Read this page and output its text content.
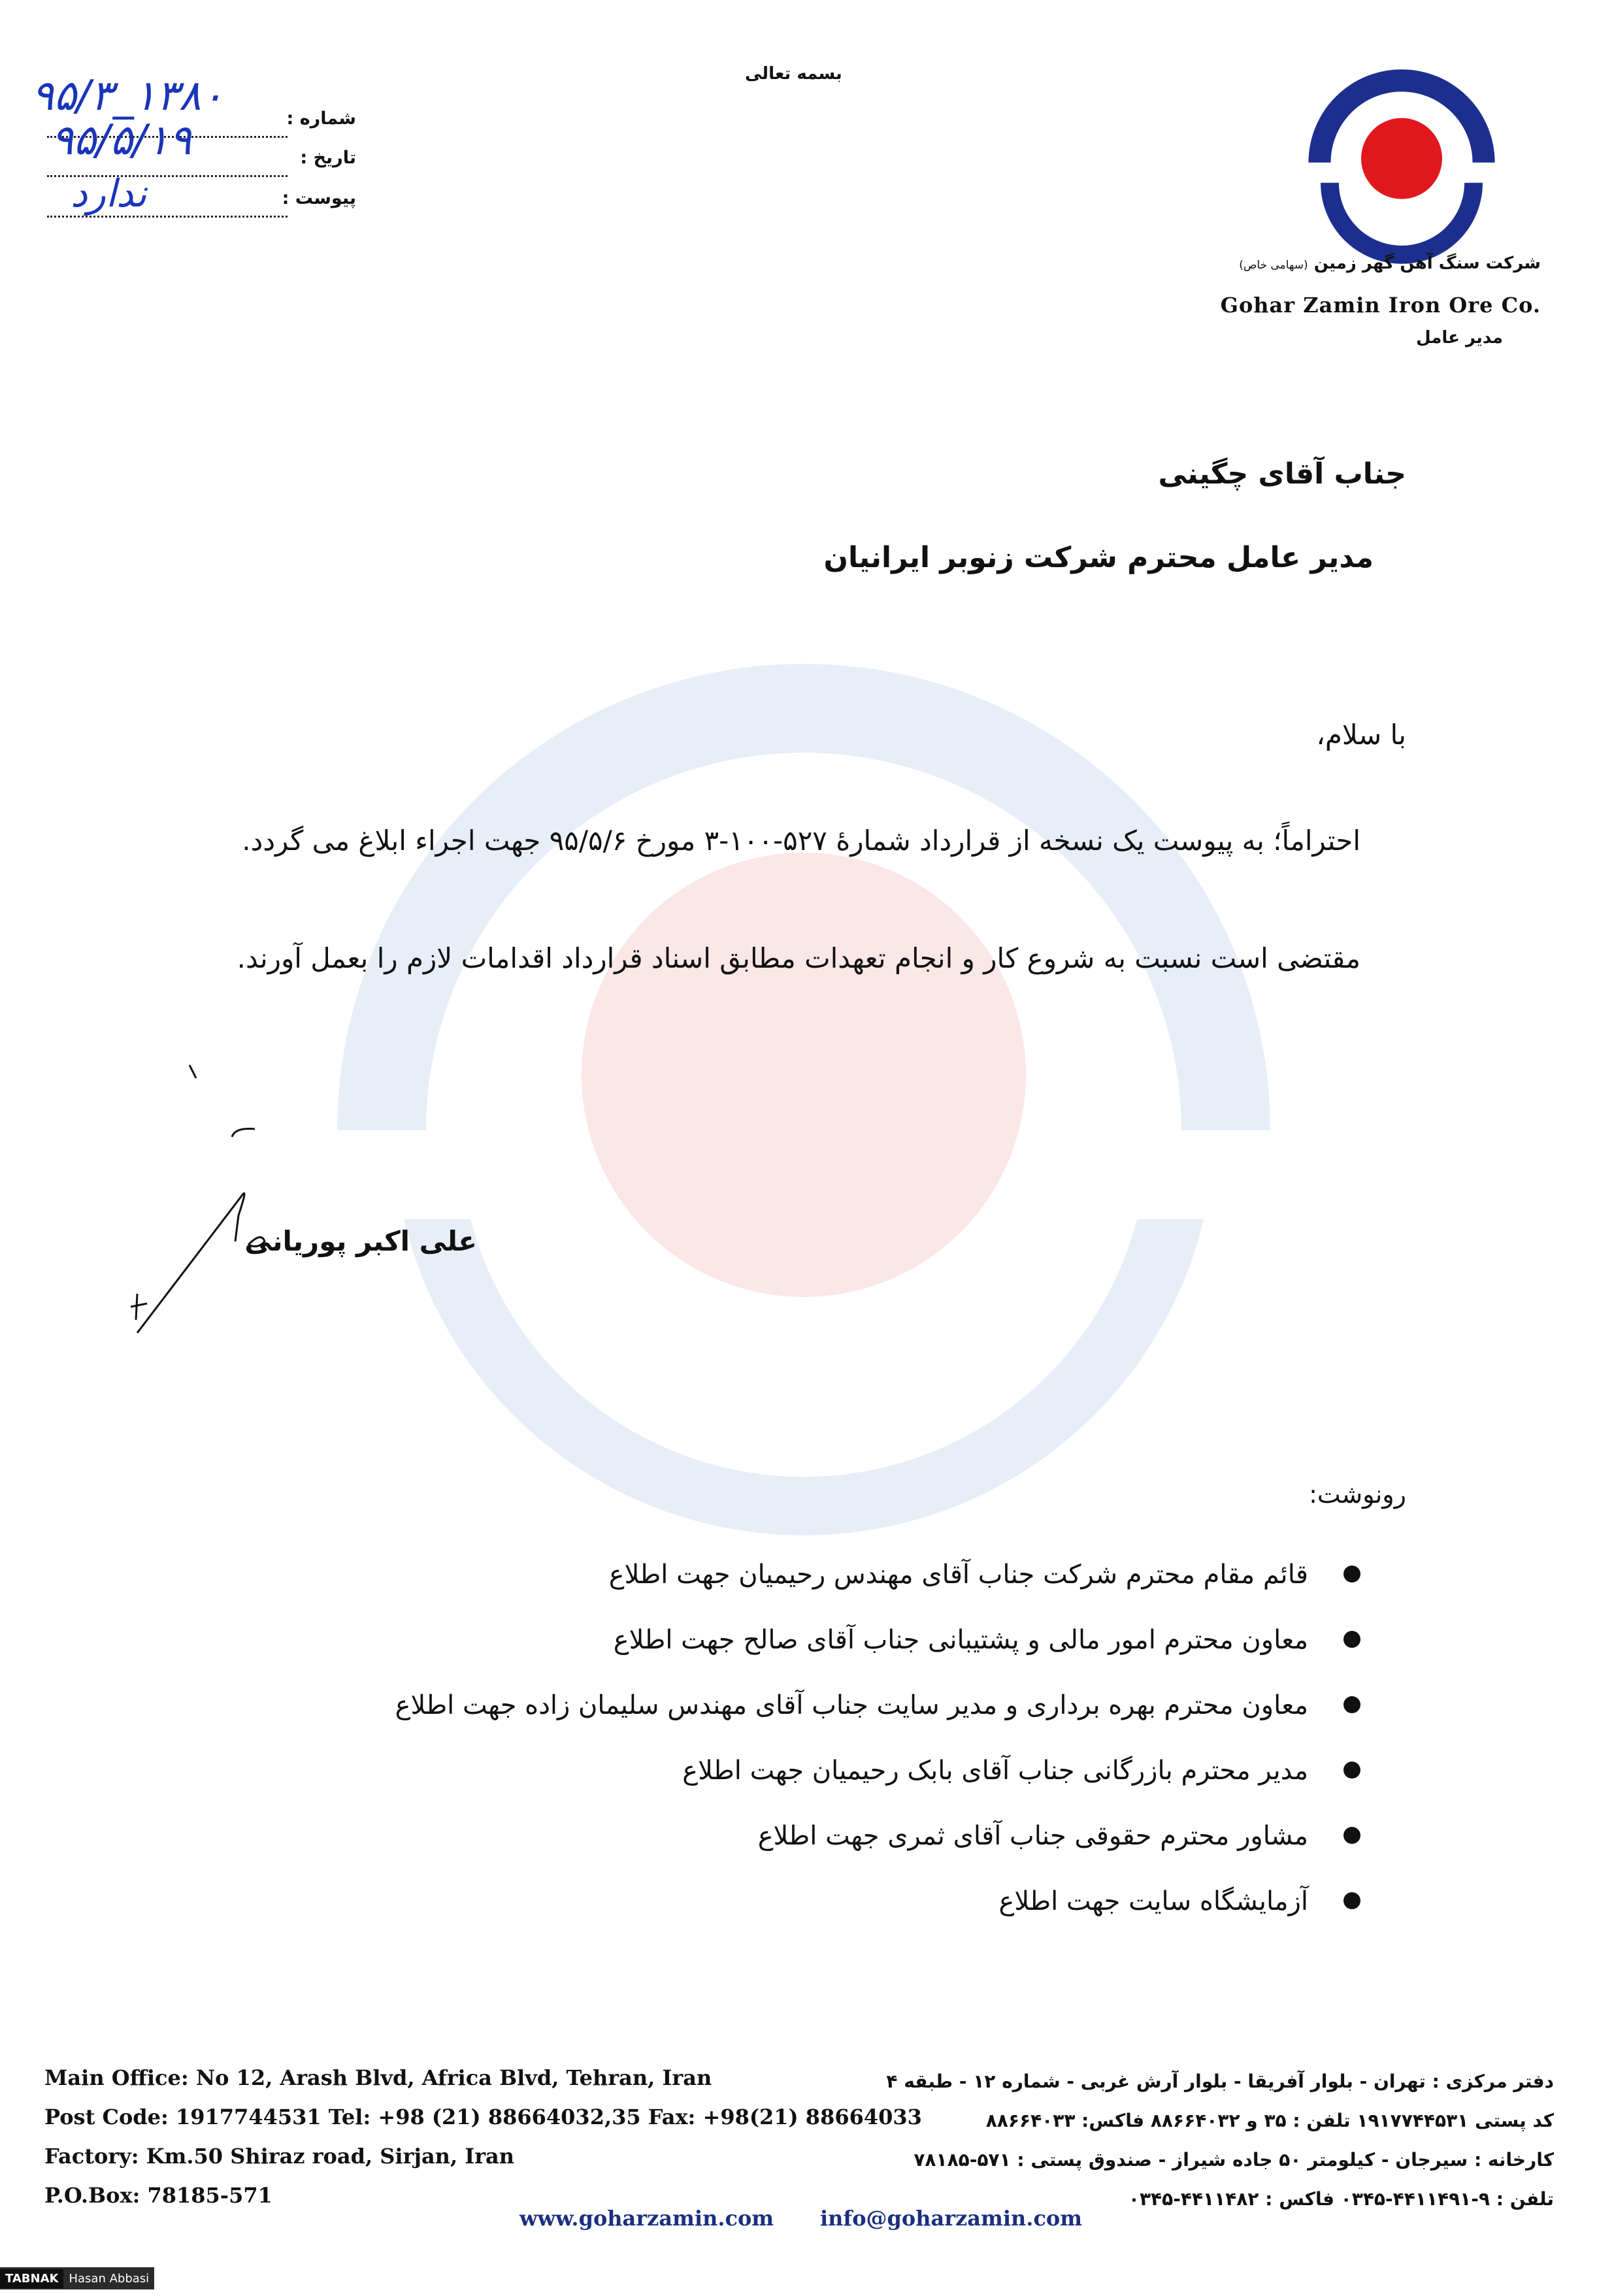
بسمه تعالی
شرکت سنگ آهن گهر زمین (سهامی خاص)
Gohar Zamin Iron Ore Co.
مدیر عامل
شماره :
تاریخ :
پیوست :
۹۵/۳_۱۳۸۰
۹۵/۵/۱۹
ندارد
جناب آقای چگینی
مدیر عامل محترم شرکت زنوبر ایرانیان
با سلام،
احتراماً؛ به پیوست یک نسخه از قرارداد شمارهٔ ۵۲۷-۱۰۰-۳ مورخ ۹۵/۵/۶ جهت اجراء ابلاغ می گردد.
مقتضی است نسبت به شروع کار و انجام تعهدات مطابق اسناد قرارداد اقدامات لازم را بعمل آورند.
علی اکبر پوریانی
رونوشت:
قائم مقام محترم شرکت جناب آقای مهندس رحیمیان جهت اطلاع
معاون محترم امور مالی و پشتیبانی جناب آقای صالح جهت اطلاع
معاون محترم بهره برداری و مدیر سایت جناب آقای مهندس سلیمان زاده جهت اطلاع
مدیر محترم بازرگانی جناب آقای بابک رحیمیان جهت اطلاع
مشاور محترم حقوقی جناب آقای ثمری جهت اطلاع
آزمایشگاه سایت جهت اطلاع
Main Office: No 12, Arash Blvd, Africa Blvd, Tehran, Iran
Post Code: 1917744531 Tel: +98 (21) 88664032,35 Fax: +98(21) 88664033
Factory: Km.50 Shiraz road, Sirjan, Iran
P.O.Box: 78185-571
دفتر مرکزی : تهران - بلوار آفریقا - بلوار آرش غربی - شماره ۱۲ - طبقه ۴
کد پستی ۱۹۱۷۷۴۴۵۳۱ تلفن : ۳۵ و ۸۸۶۶۴۰۳۲ فاکس: ۸۸۶۶۴۰۳۳
کارخانه : سیرجان - کیلومتر ۵۰ جاده شیراز - صندوق پستی : ۵۷۱-۷۸۱۸۵
تلفن : ۹-۴۴۱۱۴۹۱-۰۳۴۵ فاکس : ۴۴۱۱۴۸۲-۰۳۴۵
www.goharzamin.com info@goharzamin.com
TABNAK Hasan Abbasi
